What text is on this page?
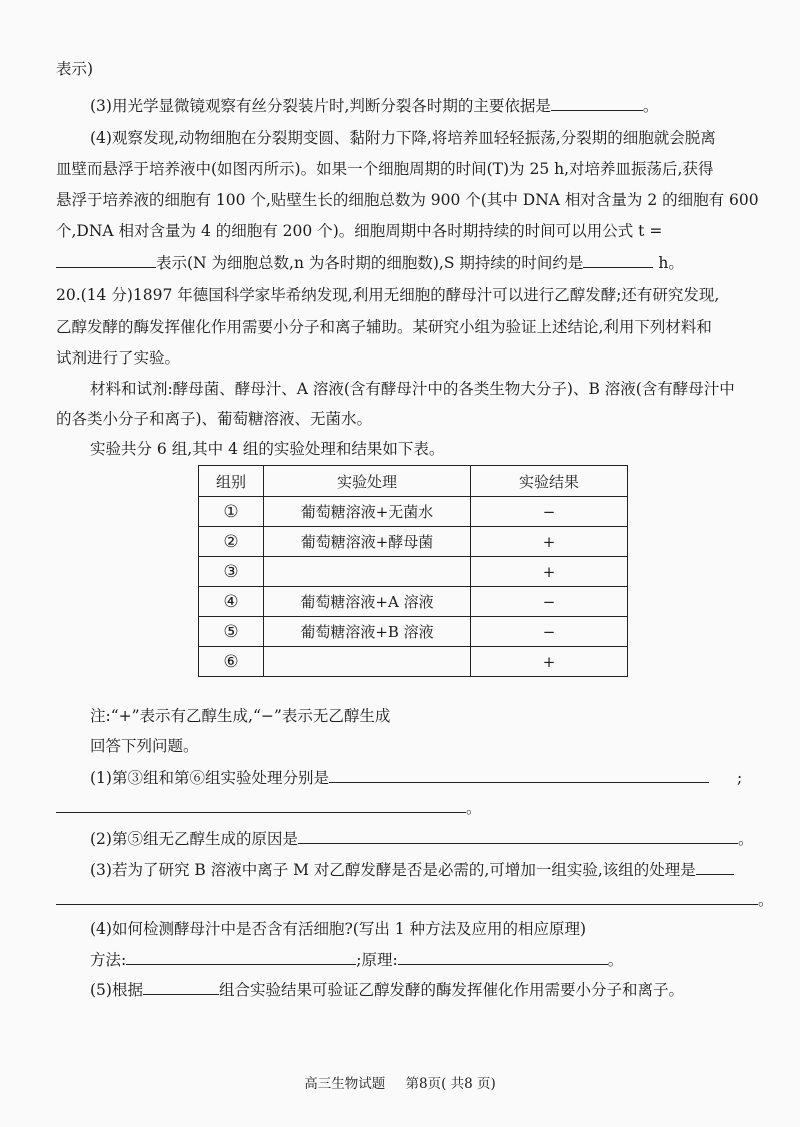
表示)
(3)用光学显微镜观察有丝分裂装片时,判断分裂各时期的主要依据是	。
(4)观察发现,动物细胞在分裂期变圆、黏附力下降,将培养皿轻轻振荡,分裂期的细胞就会脱离
皿壁而悬浮于培养液中(如图丙所示)。如果一个细胞周期的时间(T)为 25 h,对培养皿振荡后,获得
悬浮于培养液的细胞有 100 个,贴壁生长的细胞总数为 900 个(其中 DNA 相对含量为 2 的细胞有 600
个,DNA 相对含量为 4 的细胞有 200 个)。细胞周期中各时期持续的时间可以用公式 t =
表示(N 为细胞总数,n 为各时期的细胞数),S 期持续的时间约是	h。
20.(14 分)1897 年德国科学家毕希纳发现,利用无细胞的酵母汁可以进行乙醇发酵;还有研究发现,
乙醇发酵的酶发挥催化作用需要小分子和离子辅助。某研究小组为验证上述结论,利用下列材料和
试剂进行了实验。
材料和试剂:酵母菌、酵母汁、A 溶液(含有酵母汁中的各类生物大分子)、B 溶液(含有酵母汁中
的各类小分子和离子)、葡萄糖溶液、无菌水。
实验共分 6 组,其中 4 组的实验处理和结果如下表。
组别	实验处理	实验结果
①	葡萄糖溶液+无菌水	−
②	葡萄糖溶液+酵母菌	+
③		+
④	葡萄糖溶液+A 溶液	−
⑤	葡萄糖溶液+B 溶液	−
⑥		+
注:“+”表示有乙醇生成,“−”表示无乙醇生成
回答下列问题。
(1)第③组和第⑥组实验处理分别是	;
。
(2)第⑤组无乙醇生成的原因是	。
(3)若为了研究 B 溶液中离子 M 对乙醇发酵是否是必需的,可增加一组实验,该组的处理是
。
(4)如何检测酵母汁中是否含有活细胞?(写出 1 种方法及应用的相应原理)
方法:	;原理:	。
(5)根据	组合实验结果可验证乙醇发酵的酶发挥催化作用需要小分子和离子。
高三生物试题 第8页( 共8 页)
